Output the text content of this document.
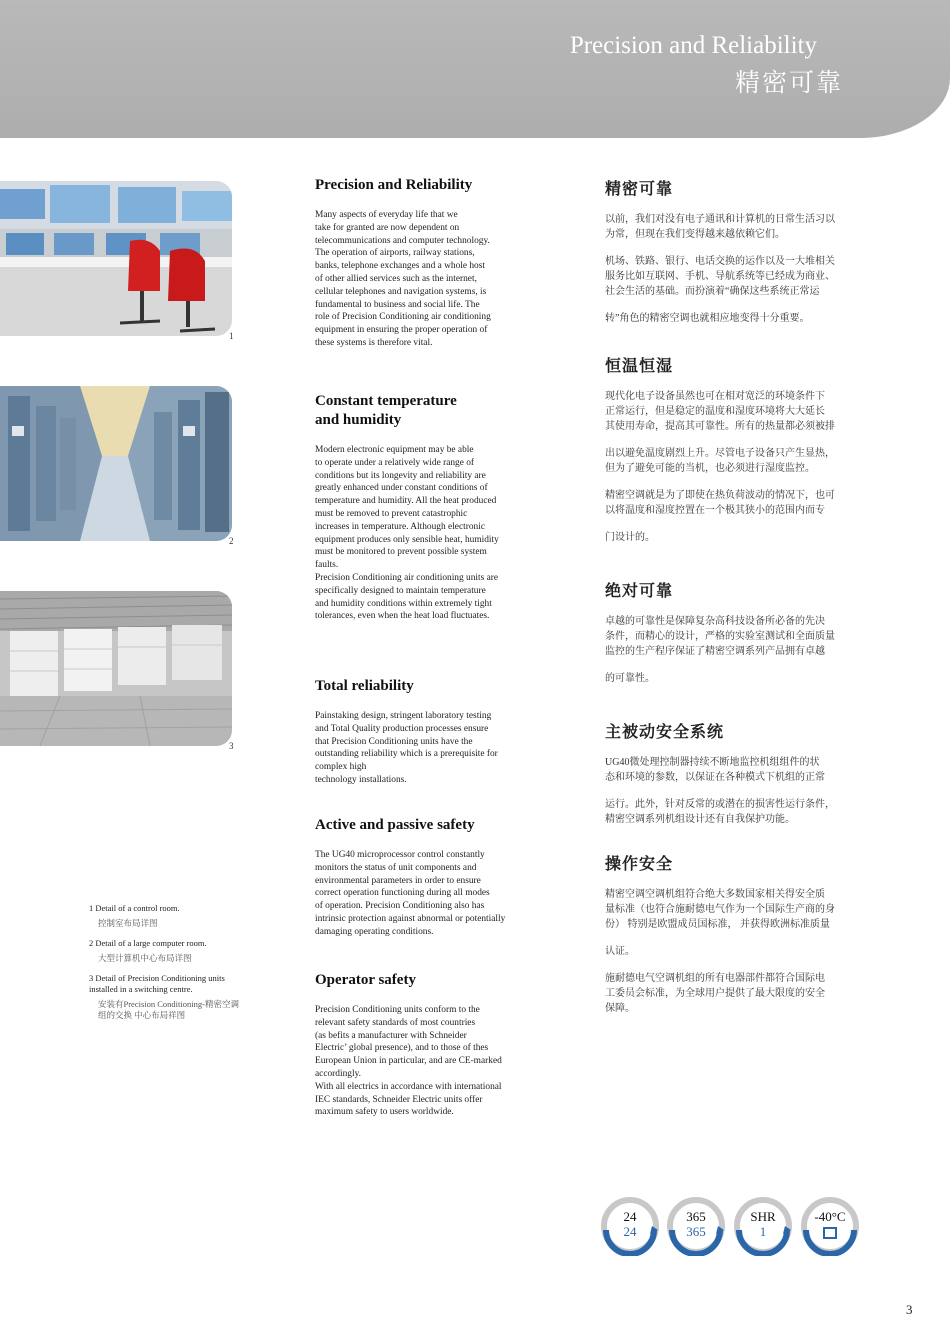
Precision and Reliability
精密可靠
1
2
3
1 Detail of a control room.
控制室布局详图
2 Detail of a large computer room.
大型计算机中心布局详图
3 Detail of Precision Conditioning units
installed in a switching centre.
安装有Precision Conditioning-精密空调
组的交换 中心布局祥图
Precision and Reliability

Many aspects of everyday life that we
take for granted are now dependent on
telecommunications and computer technology.
The operation of airports, railway stations,
banks, telephone exchanges and a whole host
of other allied services such as the internet,
cellular telephones and navigation systems, is
fundamental to business and social life. The
role of Precision Conditioning air conditioning
equipment in ensuring the proper operation of
these systems is therefore vital.

Constant temperature
and humidity

Modern electronic equipment may be able
to operate under a relatively wide range of
conditions but its longevity and reliability are
greatly enhanced under constant conditions of
temperature and humidity. All the heat produced
must be removed to prevent catastrophic
increases in temperature. Although electronic
equipment produces only sensible heat, humidity
must be monitored to prevent possible system
faults.
Precision Conditioning air conditioning units are
specifically designed to maintain temperature
and humidity conditions within extremely tight
tolerances, even when the heat load fluctuates.

Total reliability

Painstaking design, stringent laboratory testing
and Total Quality production processes ensure
that Precision Conditioning units have the
outstanding reliability which is a prerequisite for
complex high
technology installations.

Active and passive safety

The UG40 microprocessor control constantly
monitors the status of unit components and
environmental parameters in order to ensure
correct operation functioning during all modes
of operation. Precision Conditioning also has
intrinsic protection against abnormal or potentially
damaging operating conditions.

Operator safety

Precision Conditioning units conform to the
relevant safety standards of most countries
(as befits a manufacturer with Schneider
Electric’ global presence), and to those of thes
European Union in particular, and are CE-marked
accordingly.
With all electrics in accordance with international
IEC standards, Schneider Electric units offer
maximum safety to users worldwide.

精密可靠

以前，我们对没有电子通讯和计算机的日常生活习以
为常，但现在我们变得越来越依赖它们。

机场、铁路、银行、电话交换的运作以及一大堆相关
服务比如互联网、手机、导航系统等已经成为商业、
社会生活的基础。而扮演着“确保这些系统正常运

转”角色的精密空调也就相应地变得十分重要。

恒温恒湿

现代化电子设备虽然也可在相对宽泛的环境条件下
正常运行，但是稳定的温度和湿度环境将大大延长
其使用寿命，提高其可靠性。所有的热量都必须被排

出以避免温度剧烈上升。尽管电子设备只产生显热，
但为了避免可能的当机，也必须进行湿度监控。

精密空调就是为了即使在热负荷波动的情况下，也可
以将温度和湿度控置在一个极其狭小的范围内而专

门设计的。

绝对可靠

卓越的可靠性是保障复杂高科技设备所必备的先决
条件，而精心的设计，严格的实验室测试和全面质量
监控的生产程序保证了精密空调系列产品拥有卓越

的可靠性。

主被动安全系统

UG40微处理控制器持续不断地监控机组组件的状
态和环境的参数，以保证在各种模式下机组的正常

运行。此外，针对反常的或潜在的损害性运行条件，
精密空调系列机组设计还有自我保护功能。

操作安全

精密空调空调机组符合绝大多数国家相关得安全质
量标准（也符合施耐德电气作为一个国际生产商的身
份） 特别是欧盟成员国标准， 并获得欧洲标准质量

认证。

施耐德电气空调机组的所有电器部件都符合国际电
工委员会标准，为全球用户提供了最大限度的安全
保障。

24
24
365
365
SHR
1
-40°C
3
